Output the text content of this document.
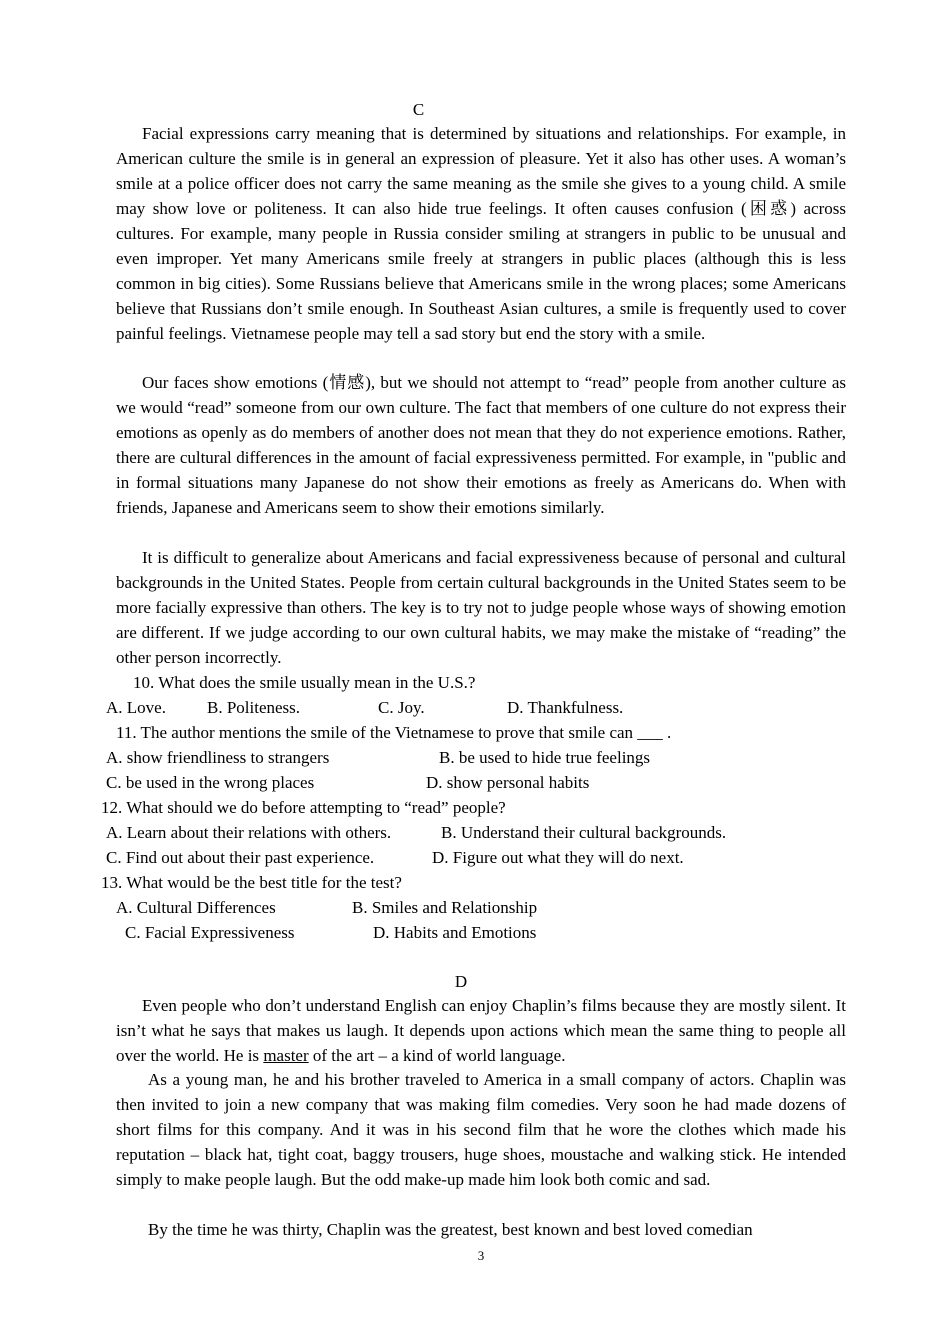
C

Facial expressions carry meaning that is determined by situations and relationships. For example, in American culture the smile is in general an expression of pleasure. Yet it also has other uses. A woman’s smile at a police officer does not carry the same meaning as the smile she gives to a young child. A smile may show love or politeness. It can also hide true feelings. It often causes confusion (困惑) across cultures. For example, many people in Russia consider smiling at strangers in public to be unusual and even improper. Yet many Americans smile freely at strangers in public places (although this is less common in big cities). Some Russians believe that Americans smile in the wrong places; some Americans believe that Russians don’t smile enough. In Southeast Asian cultures, a smile is frequently used to cover painful feelings. Vietnamese people may tell a sad story but end the story with a smile.

Our faces show emotions (情感), but we should not attempt to “read” people from another culture as we would “read” someone from our own culture. The fact that members of one culture do not express their emotions as openly as do members of another does not mean that they do not experience emotions. Rather, there are cultural differences in the amount of facial expressiveness permitted. For example, in "public and in formal situations many Japanese do not show their emotions as freely as Americans do. When with friends, Japanese and Americans seem to show their emotions similarly.

It is difficult to generalize about Americans and facial expressiveness because of personal and cultural backgrounds in the United States. People from certain cultural backgrounds in the United States seem to be more facially expressive than others. The key is to try not to judge people whose ways of showing emotion are different. If we judge according to our own cultural habits, we may make the mistake of “reading” the other person incorrectly.

10. What does the smile usually mean in the U.S.?
A. Love. B. Politeness.	C. Joy.	D. Thankfulness.
11. The author mentions the smile of the Vietnamese to prove that smile can ___ .
A. show friendliness to strangers	B. be used to hide true feelings
C. be used in the wrong places	D. show personal habits
12. What should we do before attempting to “read” people?
A. Learn about their relations with others.	B. Understand their cultural backgrounds.
C. Find out about their past experience.	D. Figure out what they will do next.
13. What would be the best title for the test?
A. Cultural Differences	B. Smiles and Relationship
C. Facial Expressiveness	D. Habits and Emotions
D

Even people who don’t understand English can enjoy Chaplin’s films because they are mostly silent. It isn’t what he says that makes us laugh. It depends upon actions which mean the same thing to people all over the world. He is master of the art – a kind of world language.

As a young man, he and his brother traveled to America in a small company of actors. Chaplin was then invited to join a new company that was making film comedies. Very soon he had made dozens of short films for this company. And it was in his second film that he wore the clothes which made his reputation – black hat, tight coat, baggy trousers, huge shoes, moustache and walking stick. He intended simply to make people laugh. But the odd make-up made him look both comic and sad.

By the time he was thirty, Chaplin was the greatest, best known and best loved comedian

3
